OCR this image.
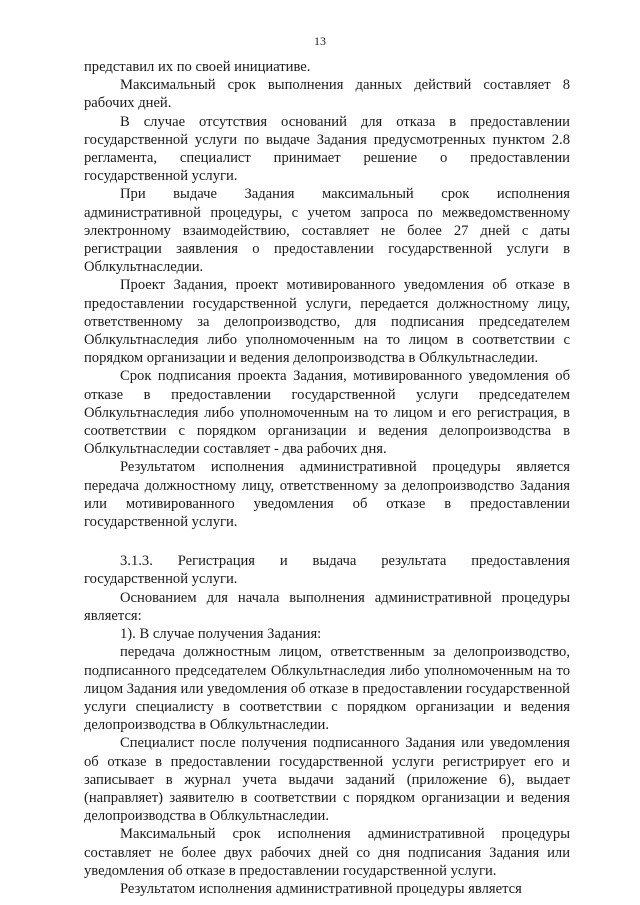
13

представил их по своей инициативе.

Максимальный срок выполнения данных действий составляет 8 рабочих дней.

В случае отсутствия оснований для отказа в предоставлении государственной услуги по выдаче Задания предусмотренных пунктом 2.8 регламента, специалист принимает решение о предоставлении государственной услуги.

При выдаче Задания максимальный срок исполнения административной процедуры, с учетом запроса по межведомственному электронному взаимодействию, составляет не более 27 дней с даты регистрации заявления о предоставлении государственной услуги в Облкультнаследии.

Проект Задания, проект мотивированного уведомления об отказе в предоставлении государственной услуги, передается должностному лицу, ответственному за делопроизводство, для подписания председателем Облкультнаследия либо уполномоченным на то лицом в соответствии с порядком организации и ведения делопроизводства в Облкультнаследии.

Срок подписания проекта Задания, мотивированного уведомления об отказе в предоставлении государственной услуги председателем Облкультнаследия либо уполномоченным на то лицом и его регистрация, в соответствии с порядком организации и ведения делопроизводства в Облкультнаследии составляет - два рабочих дня.

Результатом исполнения административной процедуры является передача должностному лицу, ответственному за делопроизводство Задания или мотивированного уведомления об отказе в предоставлении государственной услуги.

3.1.3. Регистрация и выдача результата предоставления государственной услуги.

Основанием для начала выполнения административной процедуры является:

1). В случае получения Задания:

передача должностным лицом, ответственным за делопроизводство, подписанного председателем Облкультнаследия либо уполномоченным на то лицом Задания или уведомления об отказе в предоставлении государственной услуги специалисту в соответствии с порядком организации и ведения делопроизводства в Облкультнаследии.

Специалист после получения подписанного Задания или уведомления об отказе в предоставлении государственной услуги регистрирует его и записывает в журнал учета выдачи заданий (приложение 6), выдает (направляет) заявителю в соответствии с порядком организации и ведения делопроизводства в Облкультнаследии.

Максимальный срок исполнения административной процедуры составляет не более двух рабочих дней со дня подписания Задания или уведомления об отказе в предоставлении государственной услуги.

Результатом исполнения административной процедуры является
